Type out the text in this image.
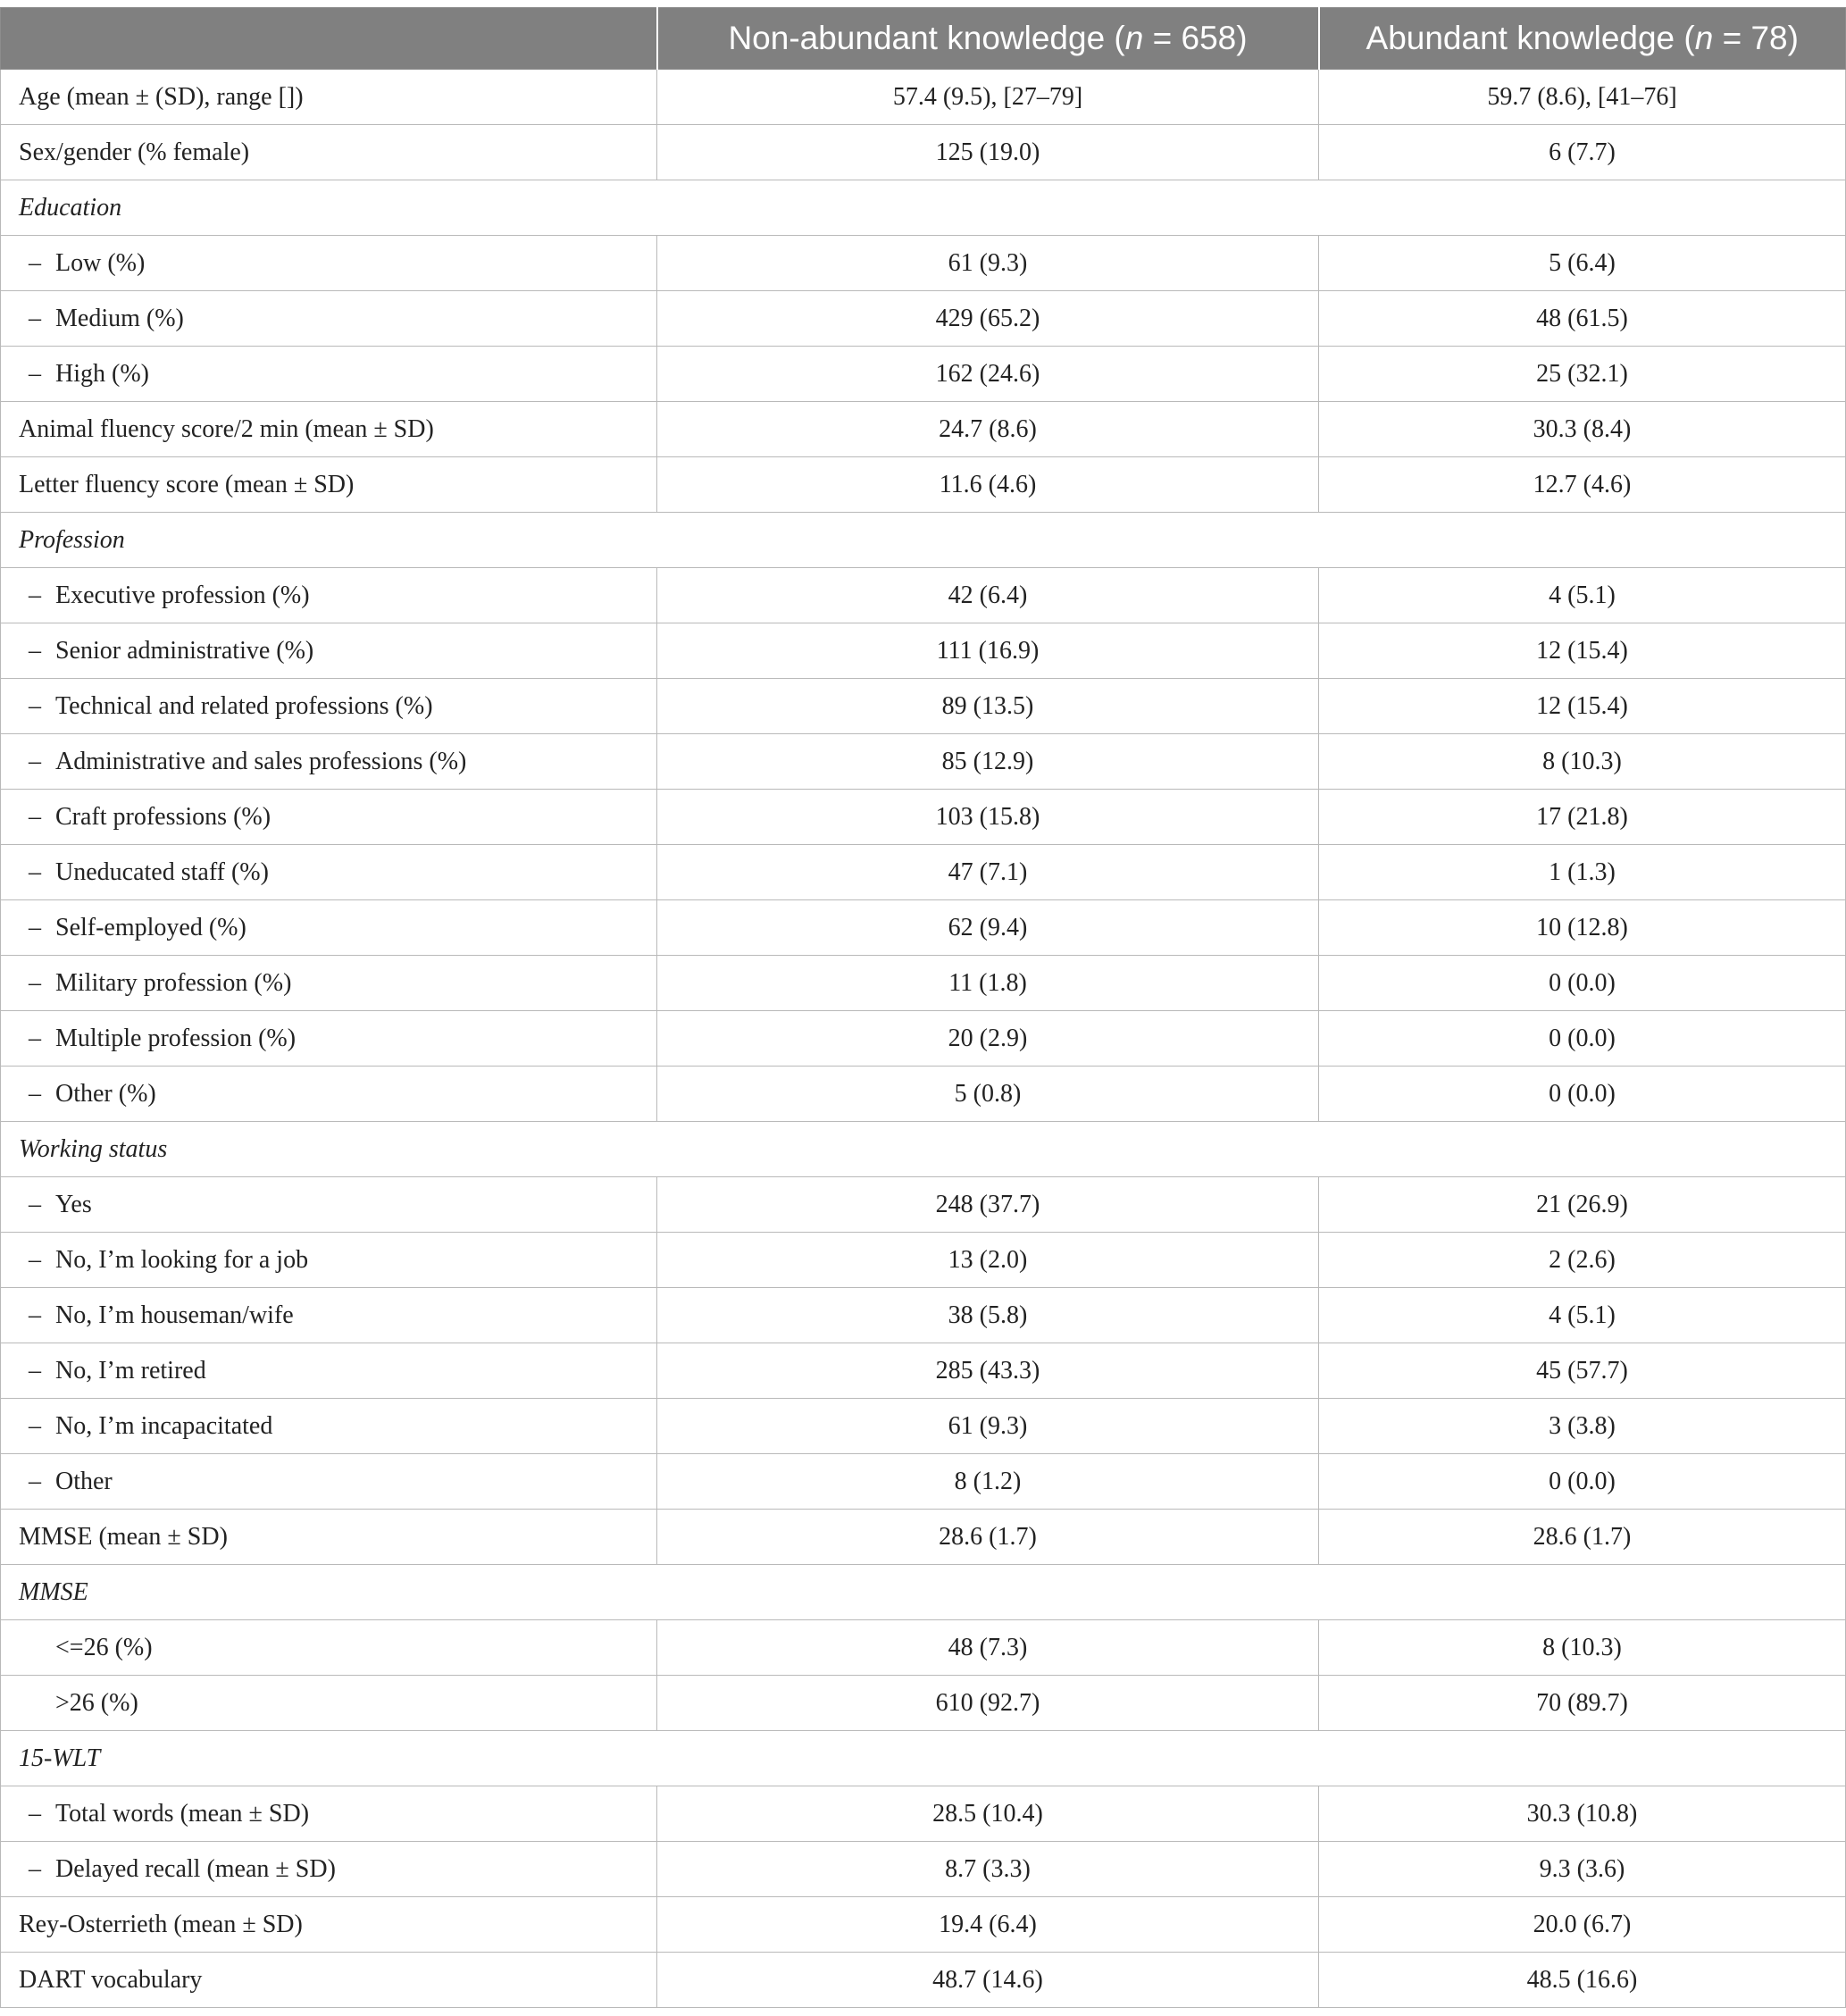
	Non-abundant knowledge (n = 658)	Abundant knowledge (n = 78)
Age (mean ± (SD), range [])	57.4 (9.5), [27–79]	59.7 (8.6), [41–76]
Sex/gender (% female)	125 (19.0)	6 (7.7)
Education		
– Low (%)	61 (9.3)	5 (6.4)
– Medium (%)	429 (65.2)	48 (61.5)
– High (%)	162 (24.6)	25 (32.1)
Animal fluency score/2 min (mean ± SD)	24.7 (8.6)	30.3 (8.4)
Letter fluency score (mean ± SD)	11.6 (4.6)	12.7 (4.6)
Profession		
– Executive profession (%)	42 (6.4)	4 (5.1)
– Senior administrative (%)	111 (16.9)	12 (15.4)
– Technical and related professions (%)	89 (13.5)	12 (15.4)
– Administrative and sales professions (%)	85 (12.9)	8 (10.3)
– Craft professions (%)	103 (15.8)	17 (21.8)
– Uneducated staff (%)	47 (7.1)	1 (1.3)
– Self-employed (%)	62 (9.4)	10 (12.8)
– Military profession (%)	11 (1.8)	0 (0.0)
– Multiple profession (%)	20 (2.9)	0 (0.0)
– Other (%)	5 (0.8)	0 (0.0)
Working status		
– Yes	248 (37.7)	21 (26.9)
– No, I’m looking for a job	13 (2.0)	2 (2.6)
– No, I’m houseman/wife	38 (5.8)	4 (5.1)
– No, I’m retired	285 (43.3)	45 (57.7)
– No, I’m incapacitated	61 (9.3)	3 (3.8)
– Other	8 (1.2)	0 (0.0)
MMSE (mean ± SD)	28.6 (1.7)	28.6 (1.7)
MMSE		
<=26 (%)	48 (7.3)	8 (10.3)
>26 (%)	610 (92.7)	70 (89.7)
15-WLT		
– Total words (mean ± SD)	28.5 (10.4)	30.3 (10.8)
– Delayed recall (mean ± SD)	8.7 (3.3)	9.3 (3.6)
Rey-Osterrieth (mean ± SD)	19.4 (6.4)	20.0 (6.7)
DART vocabulary	48.7 (14.6)	48.5 (16.6)
